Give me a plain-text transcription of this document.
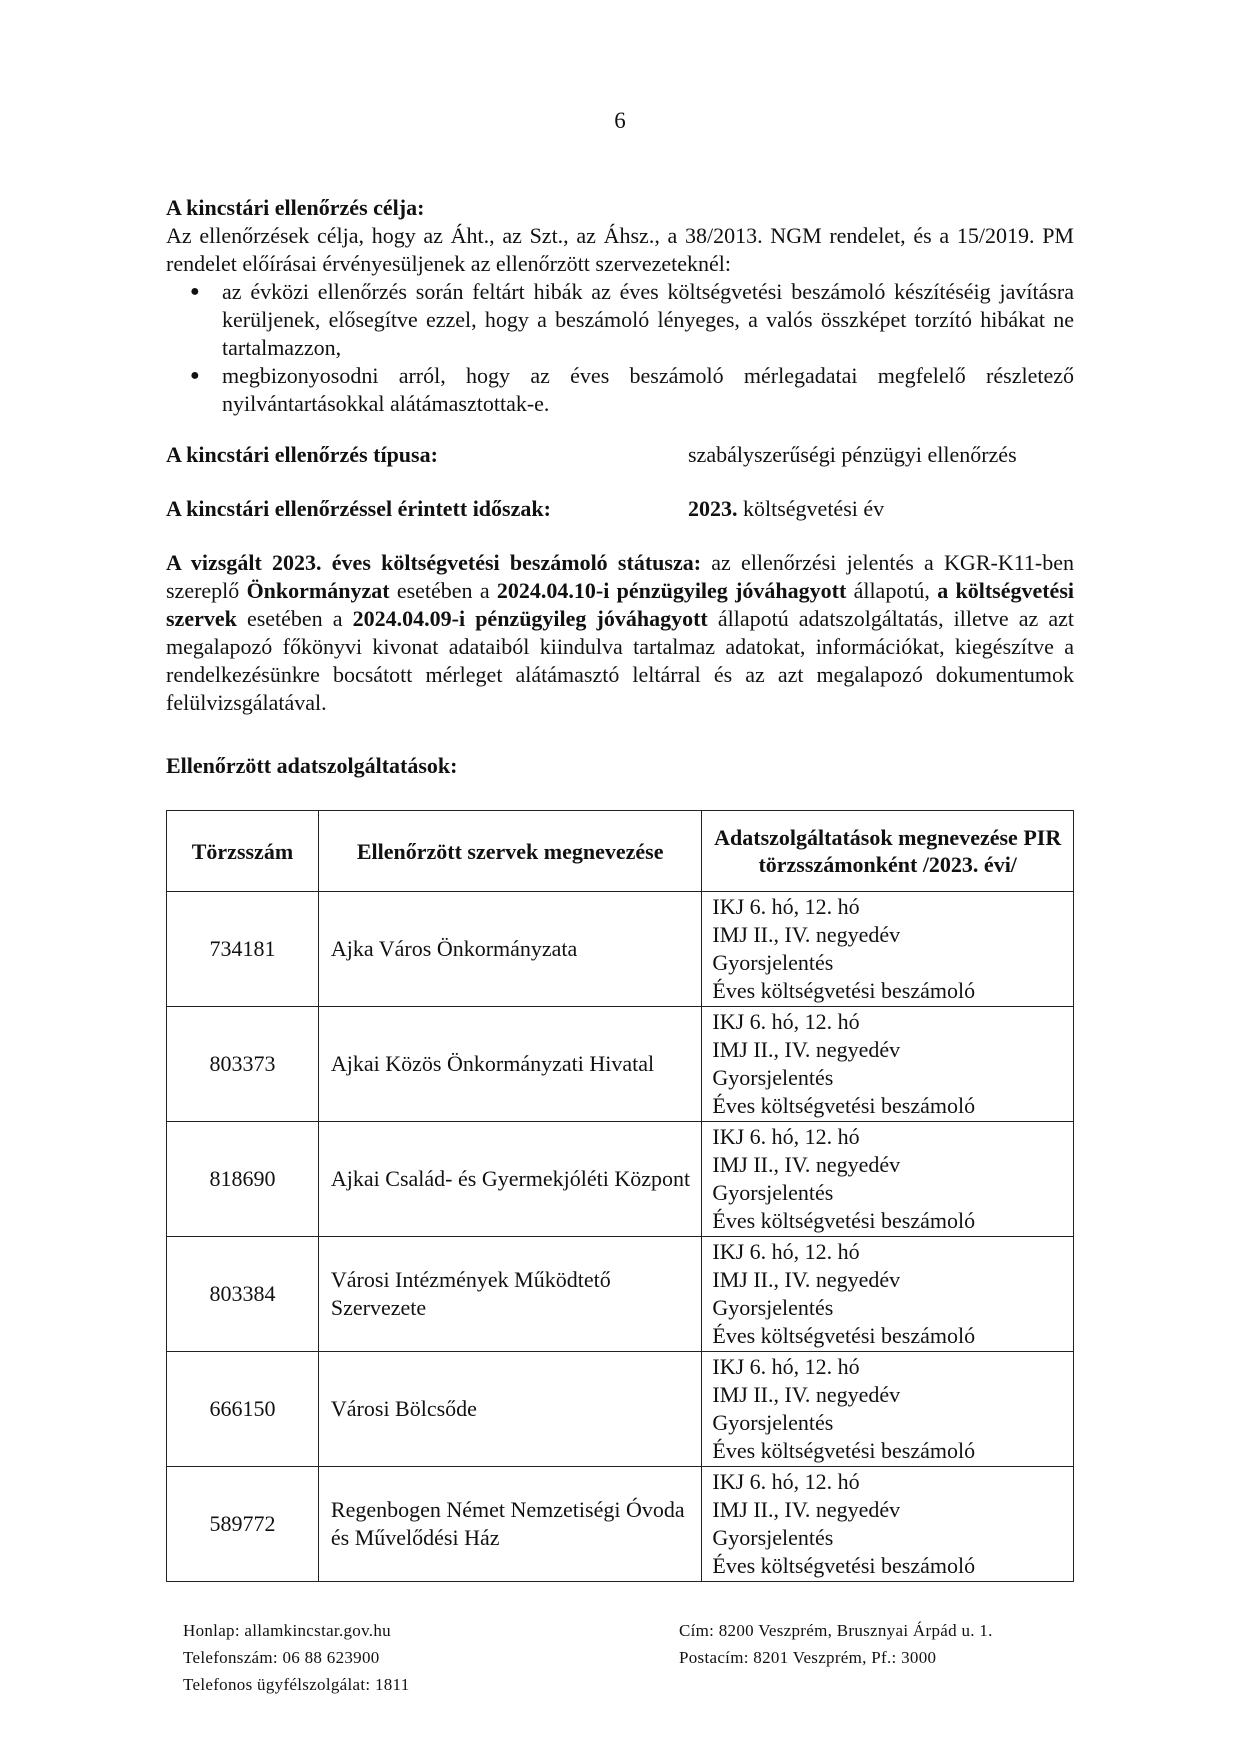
6
A kincstári ellenőrzés célja:
Az ellenőrzések célja, hogy az Áht., az Szt., az Áhsz., a 38/2013. NGM rendelet, és a 15/2019. PM rendelet előírásai érvényesüljenek az ellenőrzött szervezeteknél:
● az évközi ellenőrzés során feltárt hibák az éves költségvetési beszámoló készítéséig javításra kerüljenek, elősegítve ezzel, hogy a beszámoló lényeges, a valós összképet torzító hibákat ne tartalmazzon,
● megbizonyosodni arról, hogy az éves beszámoló mérlegadatai megfelelő részletező nyilvántartásokkal alátámasztottak-e.
A kincstári ellenőrzés típusa:	szabályszerűségi pénzügyi ellenőrzés
A kincstári ellenőrzéssel érintett időszak:	2023. költségvetési év
A vizsgált 2023. éves költségvetési beszámoló státusza: az ellenőrzési jelentés a KGR-K11-ben szereplő Önkormányzat esetében a 2024.04.10-i pénzügyileg jóváhagyott állapotú, a költségvetési szervek esetében a 2024.04.09-i pénzügyileg jóváhagyott állapotú adatszolgáltatás, illetve az azt megalapozó főkönyvi kivonat adataiból kiindulva tartalmaz adatokat, információkat, kiegészítve a rendelkezésünkre bocsátott mérleget alátámasztó leltárral és az azt megalapozó dokumentumok felülvizsgálatával.
Ellenőrzött adatszolgáltatások:
Törzsszám	Ellenőrzött szervek megnevezése	Adatszolgáltatások megnevezése PIR törzsszámonként /2023. évi/
734181	Ajka Város Önkormányzata	IKJ 6. hó, 12. hó
IMJ II., IV. negyedév
Gyorsjelentés
Éves költségvetési beszámoló

803373	Ajkai Közös Önkormányzati Hivatal	IKJ 6. hó, 12. hó
IMJ II., IV. negyedév
Gyorsjelentés
Éves költségvetési beszámoló

818690	Ajkai Család- és Gyermekjóléti Központ	IKJ 6. hó, 12. hó
IMJ II., IV. negyedév
Gyorsjelentés
Éves költségvetési beszámoló

803384	Városi Intézmények Működtető Szervezete	IKJ 6. hó, 12. hó
IMJ II., IV. negyedév
Gyorsjelentés
Éves költségvetési beszámoló

666150	Városi Bölcsőde	IKJ 6. hó, 12. hó
IMJ II., IV. negyedév
Gyorsjelentés
Éves költségvetési beszámoló

589772	Regenbogen Német Nemzetiségi Óvoda és Művelődési Ház	IKJ 6. hó, 12. hó
IMJ II., IV. negyedév
Gyorsjelentés
Éves költségvetési beszámoló
Honlap: allamkincstar.gov.hu
Telefonszám: 06 88 623900
Telefonos ügyfélszolgálat: 1811
Cím: 8200 Veszprém, Brusznyai Árpád u. 1.
Postacím: 8201 Veszprém, Pf.: 3000
